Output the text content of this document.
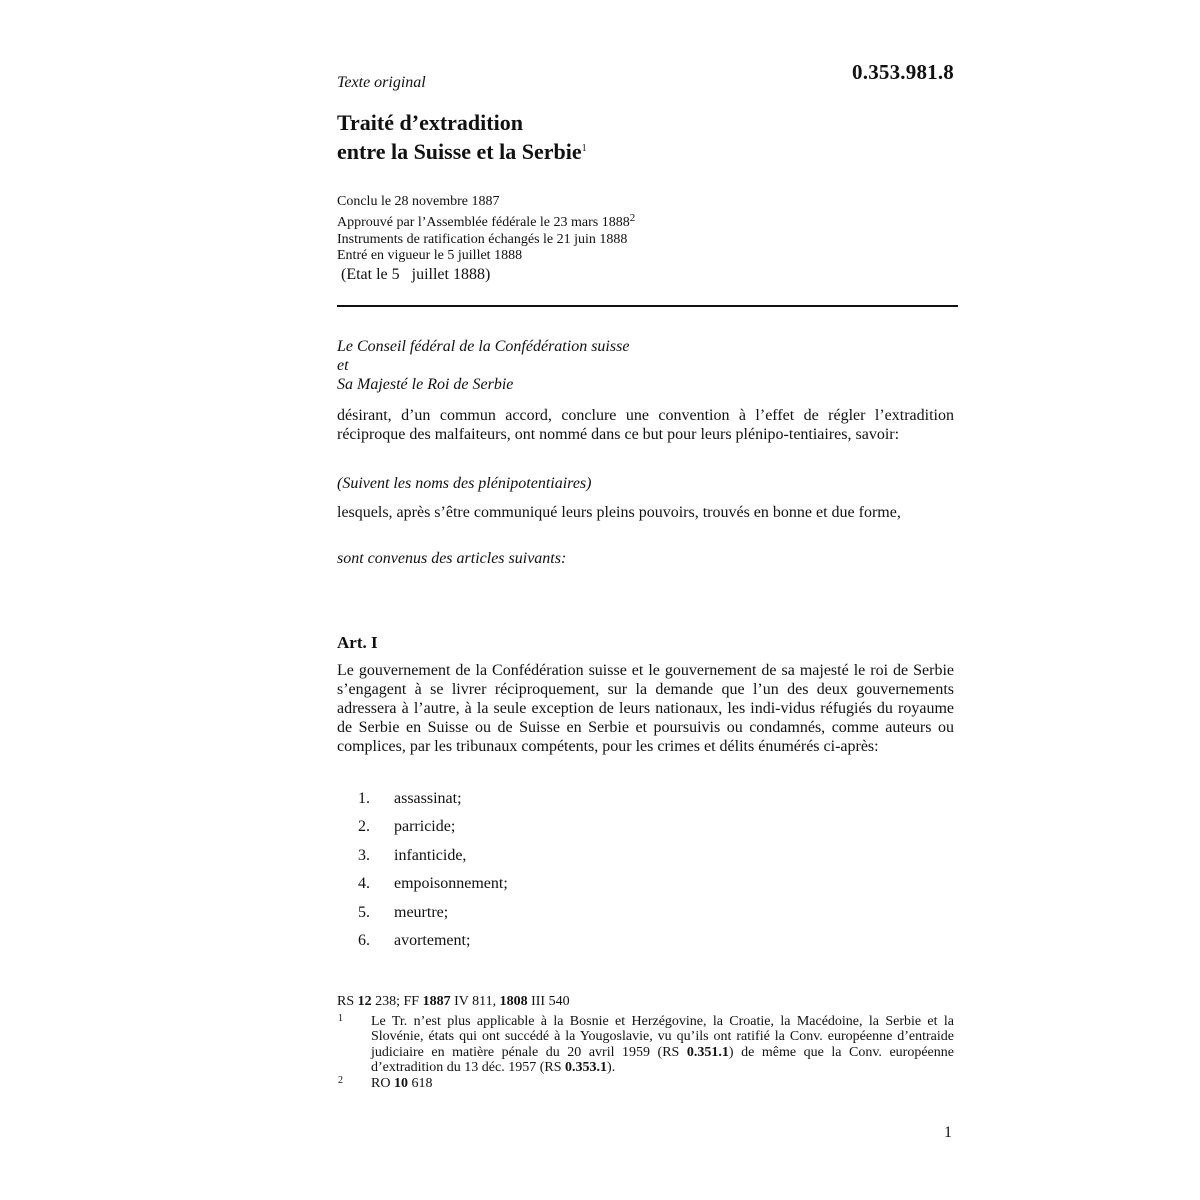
Texte original	0.353.981.8
Traité d’extradition
entre la Suisse et la Serbie$^1$
Conclu le 28 novembre 1887
Approuvé par l’Assemblée fédérale le 23 mars 1888$^2$
Instruments de ratification échangés le 21 juin 1888
Entré en vigueur le 5 juillet 1888
(Etat le 5   juillet 1888)
Le Conseil fédéral de la Confédération suisse
et
Sa Majesté le Roi de Serbie
désirant, d’un commun accord, conclure une convention à l’effet de régler l’extradition réciproque des malfaiteurs, ont nommé dans ce but pour leurs plénipo-tentiaires, savoir:
(Suivent les noms des plénipotentiaires)
lesquels, après s’être communiqué leurs pleins pouvoirs, trouvés en bonne et due forme,
sont convenus des articles suivants:
Art. I
Le gouvernement de la Confédération suisse et le gouvernement de sa majesté le roi de Serbie s’engagent à se livrer réciproquement, sur la demande que l’un des deux gouvernements adressera à l’autre, à la seule exception de leurs nationaux, les indi-vidus réfugiés du royaume de Serbie en Suisse ou de Suisse en Serbie et poursuivis ou condamnés, comme auteurs ou complices, par les tribunaux compétents, pour les crimes et délits énumérés ci-après:
1. assassinat;
2. parricide;
3. infanticide,
4. empoisonnement;
5. meurtre;
6. avortement;
RS 12 238; FF 1887 IV 811, 1808 III 540
1 Le Tr. n’est plus applicable à la Bosnie et Herzégovine, la Croatie, la Macédoine, la Serbie et la Slovénie, états qui ont succédé à la Yougoslavie, vu qu’ils ont ratifié la Conv. européenne d’entraide judiciaire en matière pénale du 20 avril 1959 (RS 0.351.1) de même que la Conv. européenne d’extradition du 13 déc. 1957 (RS 0.353.1).
2 RO 10 618
1
